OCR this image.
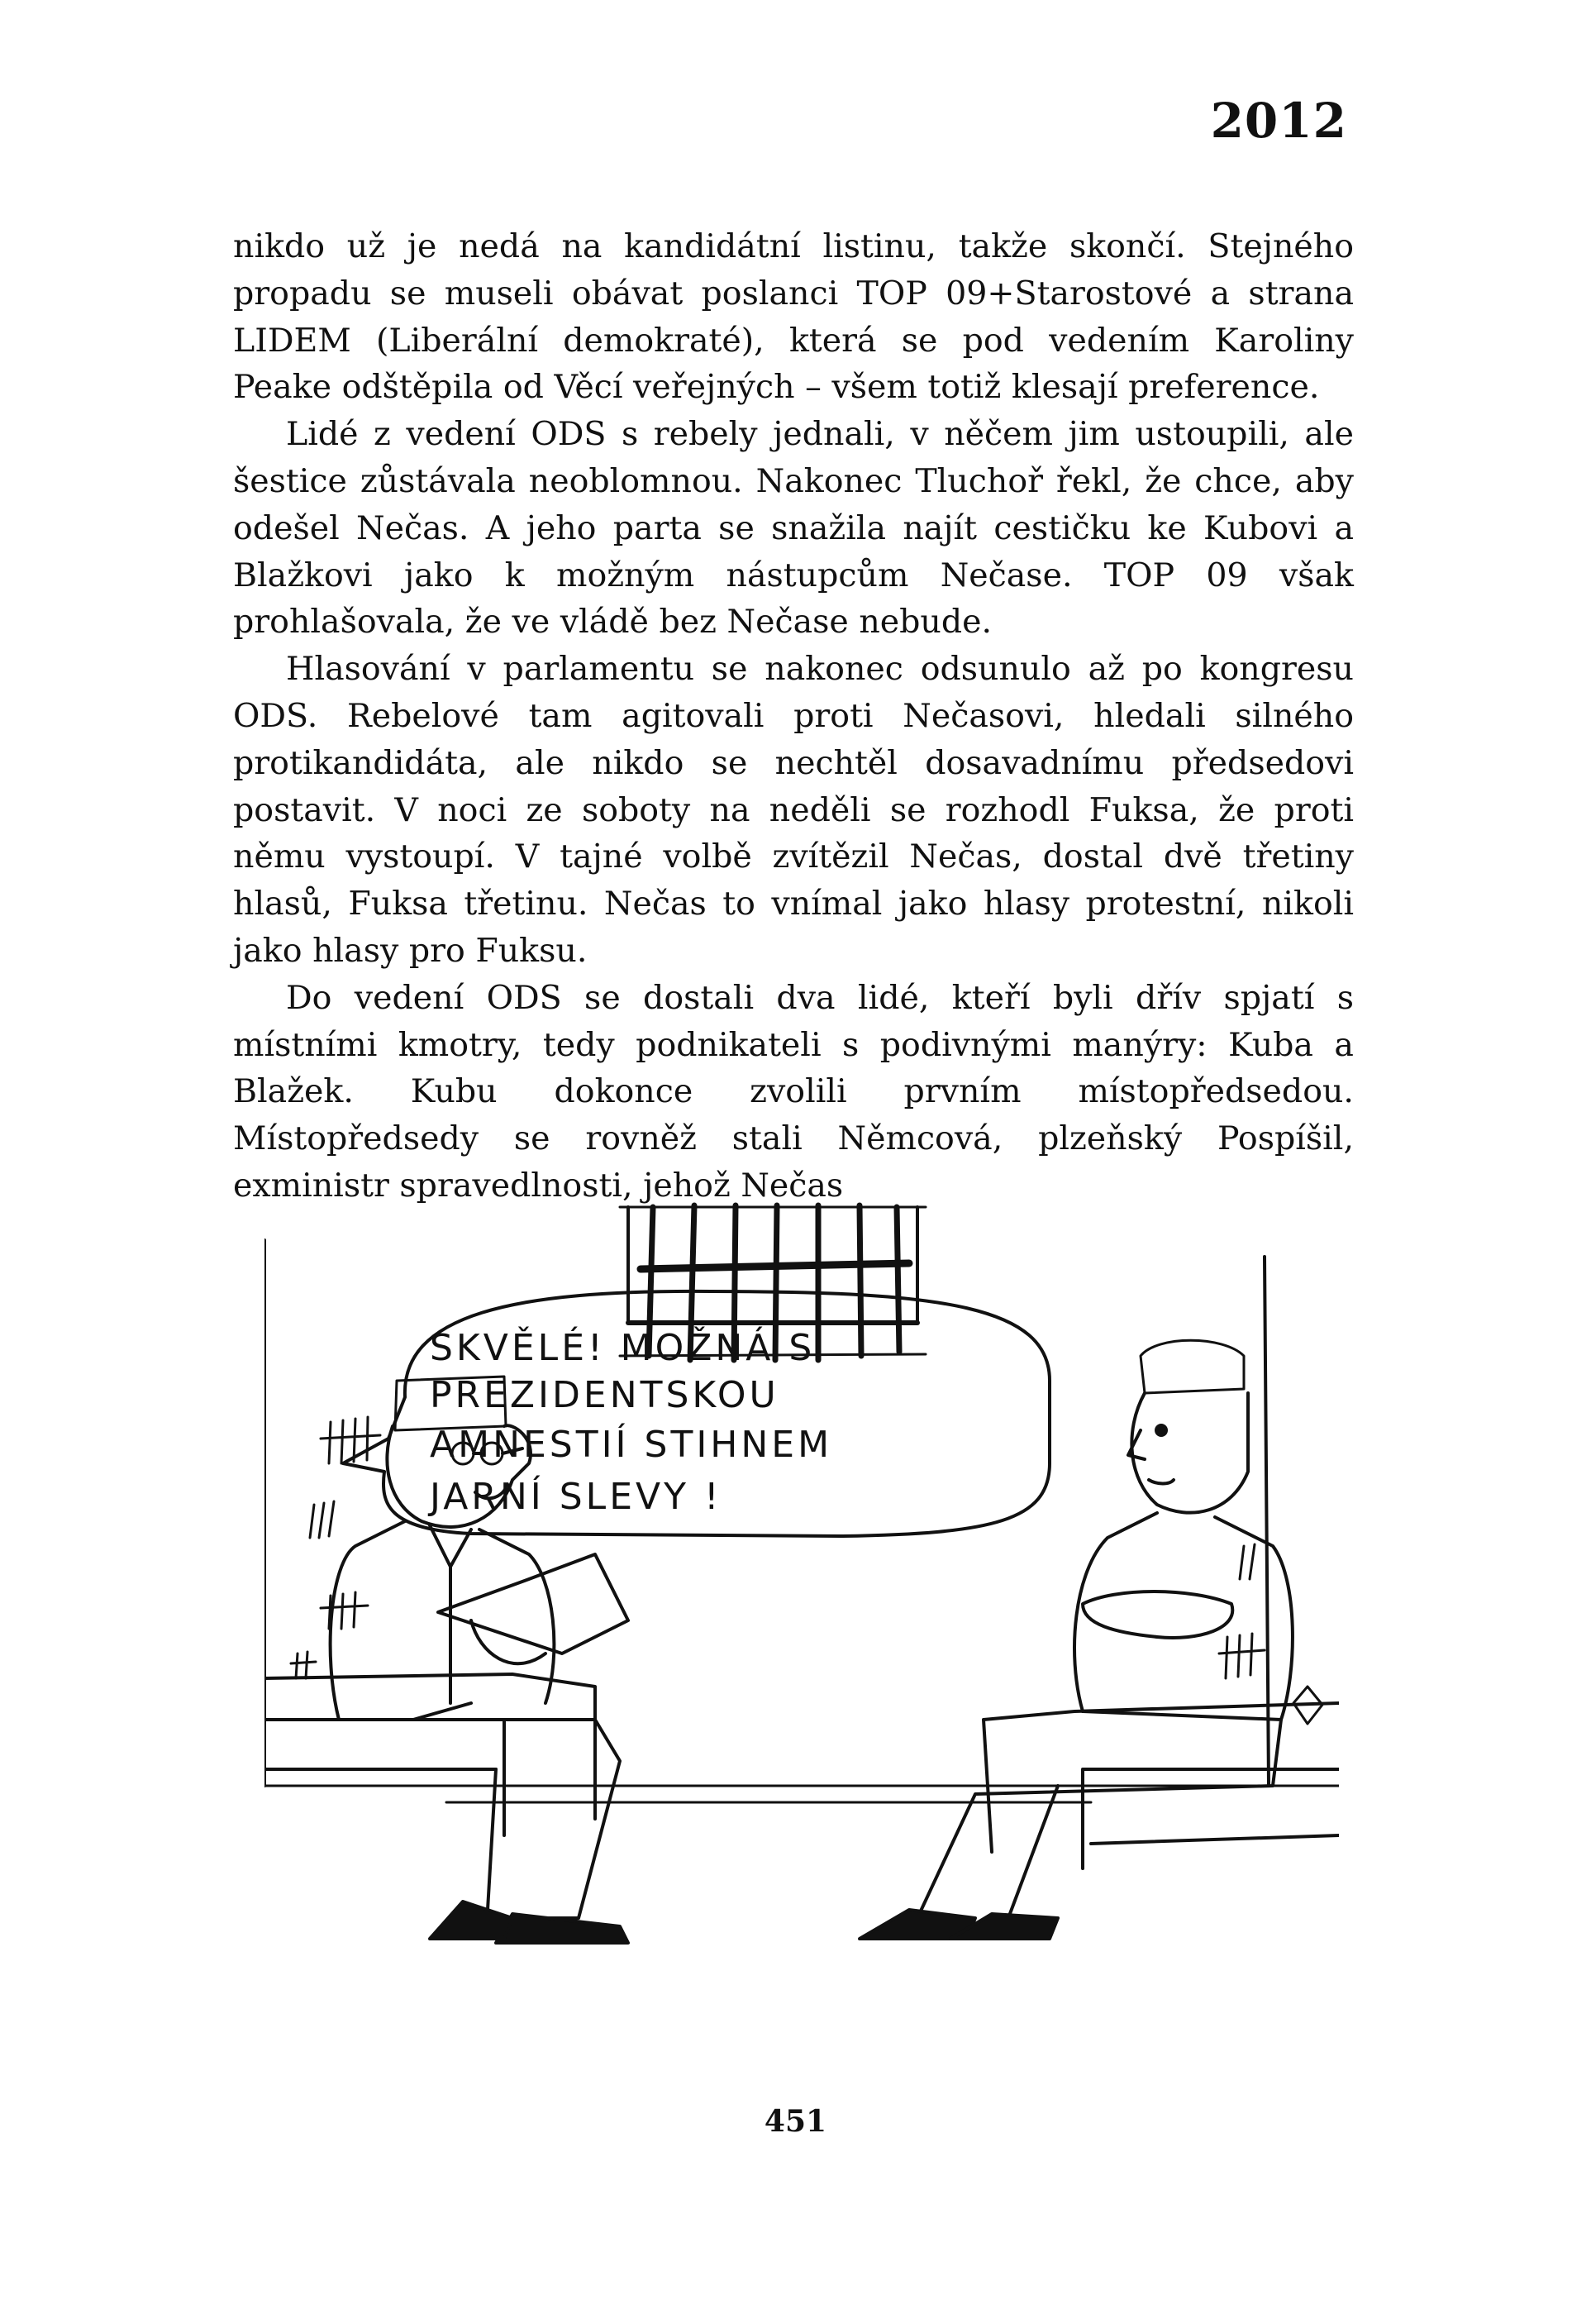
2012

nikdo už je nedá na kandidátní listinu, takže skončí. Stejného propadu se museli obávat poslanci TOP 09+Starostové a strana LIDEM (Liberální demokraté), která se pod vedením Karoliny Peake odštěpila od Věcí veřejných – všem totiž klesají preference.

Lidé z vedení ODS s rebely jednali, v něčem jim ustoupili, ale šestice zůstávala neoblomnou. Nakonec Tluchoř řekl, že chce, aby odešel Nečas. A jeho parta se snažila najít cestičku ke Kubovi a Blažkovi jako k možným nástupcům Nečase. TOP 09 však prohlašovala, že ve vládě bez Nečase nebude.

Hlasování v parlamentu se nakonec odsunulo až po kongresu ODS. Rebelové tam agitovali proti Nečasovi, hledali silného protikandidáta, ale nikdo se nechtěl dosavadnímu předsedovi postavit. V noci ze soboty na neděli se rozhodl Fuksa, že proti němu vystoupí. V tajné volbě zvítězil Nečas, dostal dvě třetiny hlasů, Fuksa třetinu. Nečas to vnímal jako hlasy protestní, nikoli jako hlasy pro Fuksu.

Do vedení ODS se dostali dva lidé, kteří byli dřív spjatí s místními kmotry, tedy podnikateli s podivnými manýry: Kuba a Blažek. Kubu dokonce zvolili prvním místopředsedou. Místopředsedy se rovněž stali Němcová, plzeňský Pospíšil, exministr spravedlnosti, jehož Nečas

SKVĚLÉ! MOŽNÁ S
PREZIDENTSKOU
AMNESTIÍ STIHNEM
JARNÍ SLEVY !
451
